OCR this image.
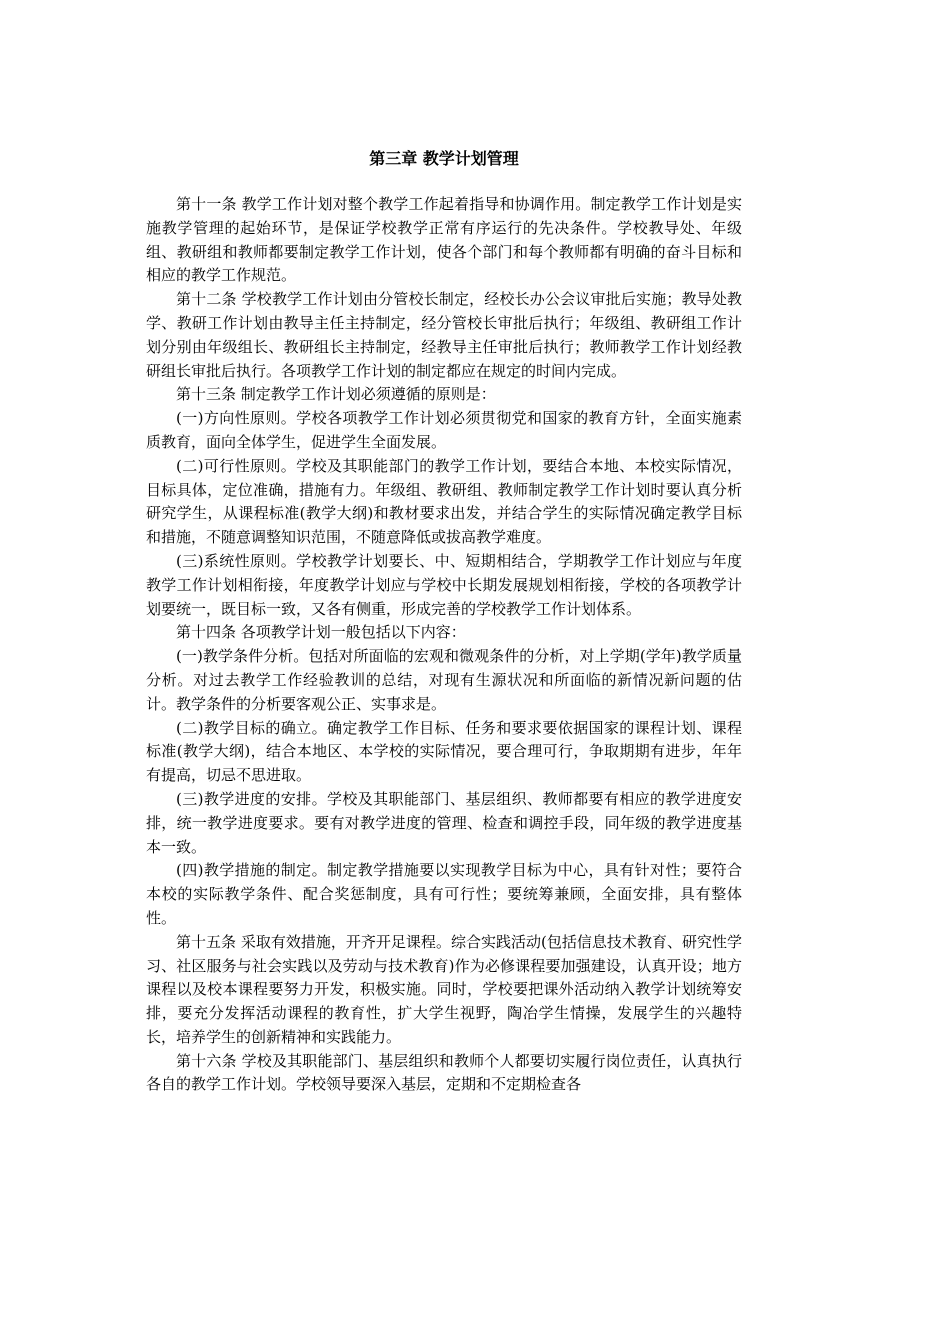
第三章 教学计划管理

第十一条 教学工作计划对整个教学工作起着指导和协调作用。制定教学工作计划是实施教学管理的起始环节，是保证学校教学正常有序运行的先决条件。学校教导处、年级组、教研组和教师都要制定教学工作计划，使各个部门和每个教师都有明确的奋斗目标和相应的教学工作规范。

第十二条 学校教学工作计划由分管校长制定，经校长办公会议审批后实施；教导处教学、教研工作计划由教导主任主持制定，经分管校长审批后执行；年级组、教研组工作计划分别由年级组长、教研组长主持制定，经教导主任审批后执行；教师教学工作计划经教研组长审批后执行。各项教学工作计划的制定都应在规定的时间内完成。

第十三条 制定教学工作计划必须遵循的原则是：

(一)方向性原则。学校各项教学工作计划必须贯彻党和国家的教育方针，全面实施素质教育，面向全体学生，促进学生全面发展。

(二)可行性原则。学校及其职能部门的教学工作计划，要结合本地、本校实际情况，目标具体，定位准确，措施有力。年级组、教研组、教师制定教学工作计划时要认真分析研究学生，从课程标准(教学大纲)和教材要求出发，并结合学生的实际情况确定教学目标和措施，不随意调整知识范围，不随意降低或拔高教学难度。

(三)系统性原则。学校教学计划要长、中、短期相结合，学期教学工作计划应与年度教学工作计划相衔接，年度教学计划应与学校中长期发展规划相衔接，学校的各项教学计划要统一，既目标一致，又各有侧重，形成完善的学校教学工作计划体系。

第十四条 各项教学计划一般包括以下内容：

(一)教学条件分析。包括对所面临的宏观和微观条件的分析，对上学期(学年)教学质量分析。对过去教学工作经验教训的总结，对现有生源状况和所面临的新情况新问题的估计。教学条件的分析要客观公正、实事求是。

(二)教学目标的确立。确定教学工作目标、任务和要求要依据国家的课程计划、课程标准(教学大纲)，结合本地区、本学校的实际情况，要合理可行，争取期期有进步，年年有提高，切忌不思进取。

(三)教学进度的安排。学校及其职能部门、基层组织、教师都要有相应的教学进度安排，统一教学进度要求。要有对教学进度的管理、检查和调控手段，同年级的教学进度基本一致。

(四)教学措施的制定。制定教学措施要以实现教学目标为中心，具有针对性；要符合本校的实际教学条件、配合奖惩制度，具有可行性；要统筹兼顾，全面安排，具有整体性。

第十五条 采取有效措施，开齐开足课程。综合实践活动(包括信息技术教育、研究性学习、社区服务与社会实践以及劳动与技术教育)作为必修课程要加强建设，认真开设；地方课程以及校本课程要努力开发，积极实施。同时，学校要把课外活动纳入教学计划统筹安排，要充分发挥活动课程的教育性，扩大学生视野，陶冶学生情操，发展学生的兴趣特长，培养学生的创新精神和实践能力。

第十六条 学校及其职能部门、基层组织和教师个人都要切实履行岗位责任，认真执行各自的教学工作计划。学校领导要深入基层，定期和不定期检查各
